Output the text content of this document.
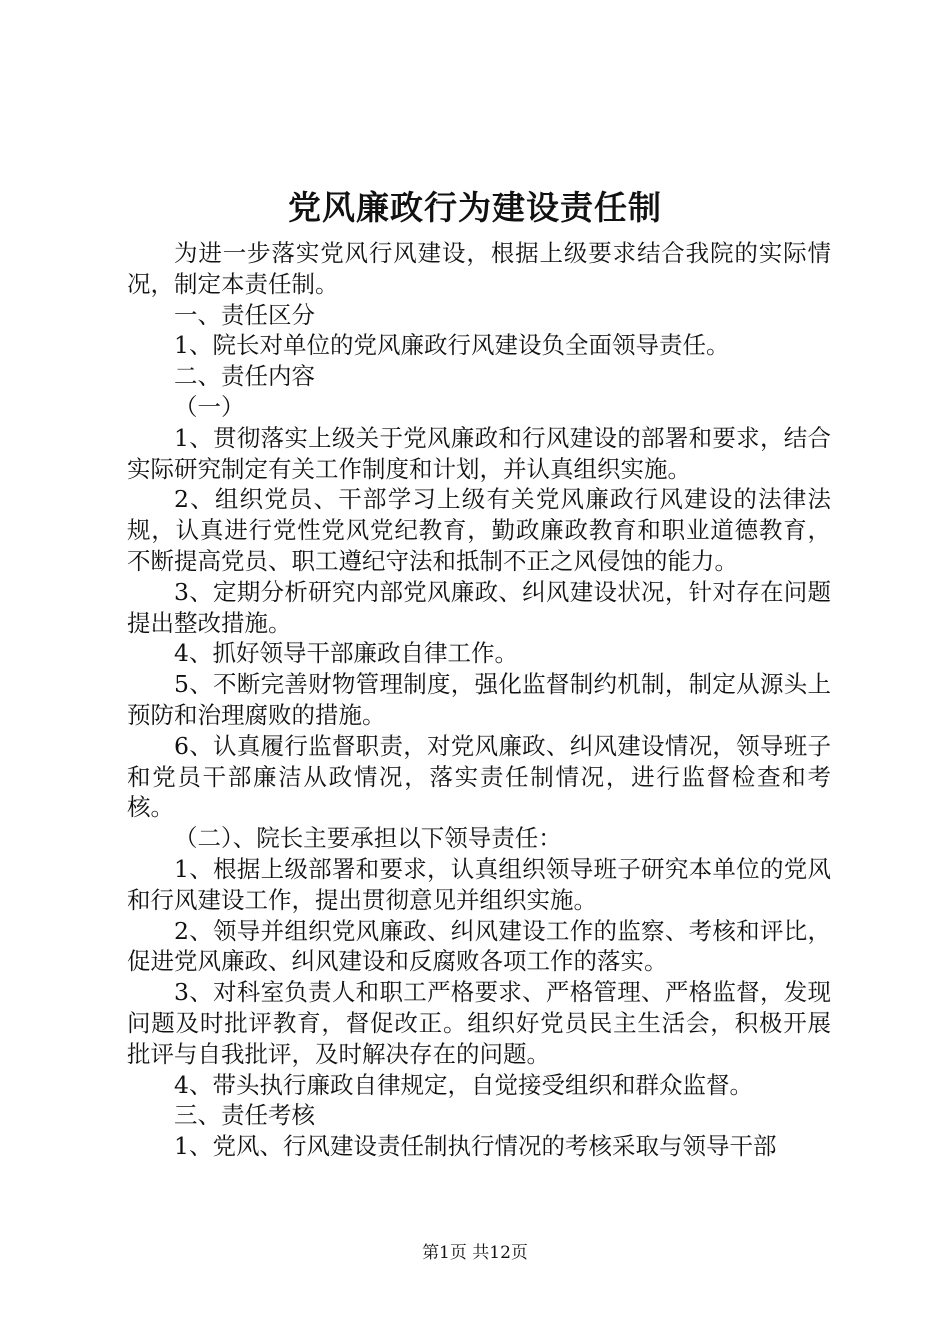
党风廉政行为建设责任制

为进一步落实党风行风建设，根据上级要求结合我院的实际情况，制定本责任制。

一、责任区分

1、院长对单位的党风廉政行风建设负全面领导责任。

二、责任内容

（一）

1、贯彻落实上级关于党风廉政和行风建设的部署和要求，结合实际研究制定有关工作制度和计划，并认真组织实施。

2、组织党员、干部学习上级有关党风廉政行风建设的法律法规，认真进行党性党风党纪教育，勤政廉政教育和职业道德教育，不断提高党员、职工遵纪守法和抵制不正之风侵蚀的能力。

3、定期分析研究内部党风廉政、纠风建设状况，针对存在问题提出整改措施。

4、抓好领导干部廉政自律工作。

5、不断完善财物管理制度，强化监督制约机制，制定从源头上预防和治理腐败的措施。

6、认真履行监督职责，对党风廉政、纠风建设情况，领导班子和党员干部廉洁从政情况，落实责任制情况，进行监督检查和考核。

（二）、院长主要承担以下领导责任：

1、根据上级部署和要求，认真组织领导班子研究本单位的党风和行风建设工作，提出贯彻意见并组织实施。

2、领导并组织党风廉政、纠风建设工作的监察、考核和评比，促进党风廉政、纠风建设和反腐败各项工作的落实。

3、对科室负责人和职工严格要求、严格管理、严格监督，发现问题及时批评教育，督促改正。组织好党员民主生活会，积极开展批评与自我批评，及时解决存在的问题。

4、带头执行廉政自律规定，自觉接受组织和群众监督。

三、责任考核

1、党风、行风建设责任制执行情况的考核采取与领导干部

第1页 共12页
